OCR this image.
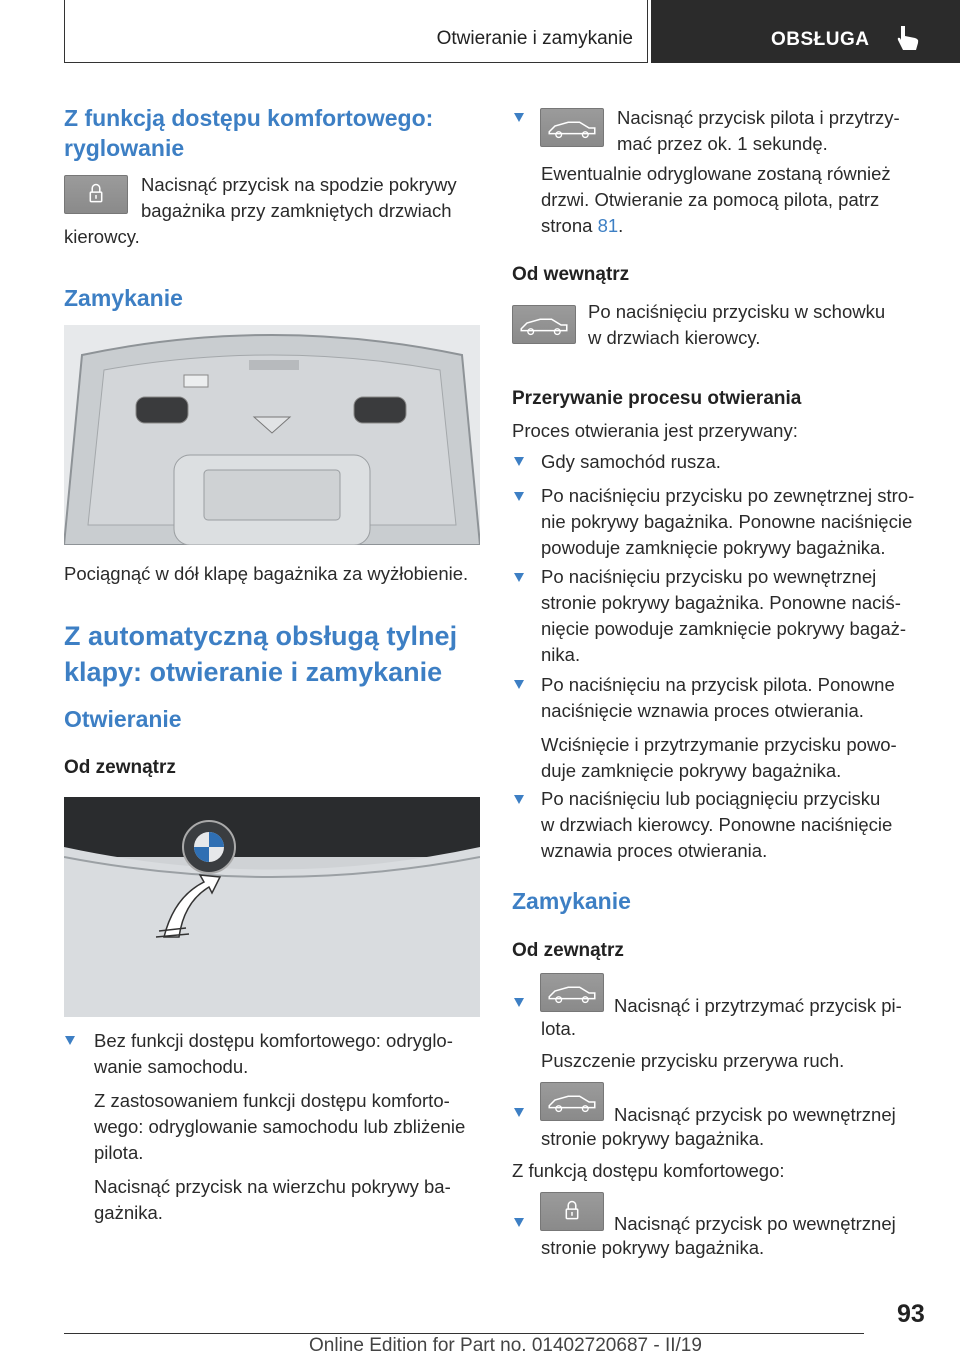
Otwieranie i zamykanie	OBSŁUGA
Z funkcją dostępu komfortowego: ryglowanie
Nacisnąć przycisk na spodzie pokrywy
bagażnika przy zamkniętych drzwiach
kierowcy.
Zamykanie
Pociągnąć w dół klapę bagażnika za wyżłobienie.
Z automatyczną obsługą tylnej
klapy: otwieranie i zamykanie
Otwieranie
Od zewnątrz
Bez funkcji dostępu komfortowego: odryglo-
wanie samochodu.
Z zastosowaniem funkcji dostępu komforto-
wego: odryglowanie samochodu lub zbliżenie
pilota.
Nacisnąć przycisk na wierzchu pokrywy ba-
gażnika.
Nacisnąć przycisk pilota i przytrzy-
mać przez ok. 1 sekundę.
Ewentualnie odryglowane zostaną również
drzwi. Otwieranie za pomocą pilota, patrz
strona 81.
Od wewnątrz
Po naciśnięciu przycisku w schowku
w drzwiach kierowcy.
Przerywanie procesu otwierania
Proces otwierania jest przerywany:
Gdy samochód rusza.
Po naciśnięciu przycisku po zewnętrznej stro-
nie pokrywy bagażnika. Ponowne naciśnięcie
powoduje zamknięcie pokrywy bagażnika.
Po naciśnięciu przycisku po wewnętrznej
stronie pokrywy bagażnika. Ponowne naciś-
nięcie powoduje zamknięcie pokrywy bagaż-
nika.
Po naciśnięciu na przycisk pilota. Ponowne
naciśnięcie wznawia proces otwierania.
Wciśnięcie i przytrzymanie przycisku powo-
duje zamknięcie pokrywy bagażnika.
Po naciśnięciu lub pociągnięciu przycisku
w drzwiach kierowcy. Ponowne naciśnięcie
wznawia proces otwierania.
Zamykanie
Od zewnątrz
Nacisnąć i przytrzymać przycisk pi-
lota.
Puszczenie przycisku przerywa ruch.
Nacisnąć przycisk po wewnętrznej
stronie pokrywy bagażnika.
Z funkcją dostępu komfortowego:
Nacisnąć przycisk po wewnętrznej
stronie pokrywy bagażnika.
93
Online Edition for Part no. 01402720687 - II/19
